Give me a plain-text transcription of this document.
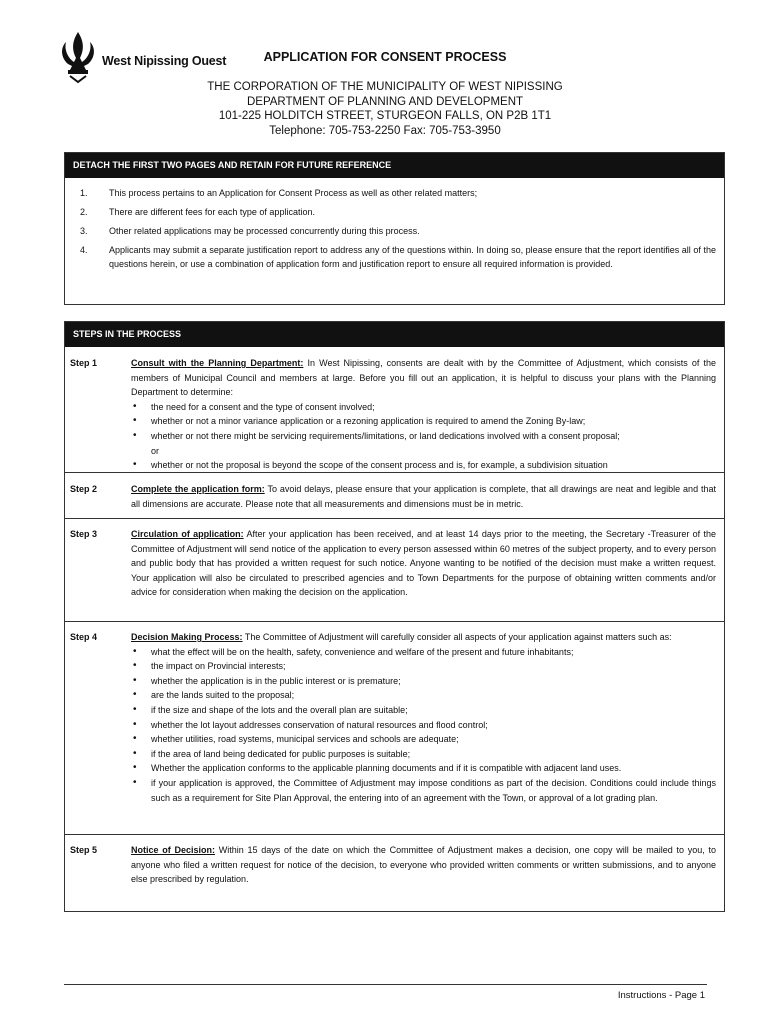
West Nipissing Ouest	APPLICATION FOR CONSENT PROCESS
THE CORPORATION OF THE MUNICIPALITY OF WEST NIPISSING
DEPARTMENT OF PLANNING AND DEVELOPMENT
101-225 HOLDITCH STREET, STURGEON FALLS, ON P2B 1T1
Telephone: 705-753-2250 Fax: 705-753-3950
DETACH THE FIRST TWO PAGES AND RETAIN FOR FUTURE REFERENCE
1.	This process pertains to an Application for Consent Process as well as other related matters;
2.	There are different fees for each type of application.
3.	Other related applications may be processed concurrently during this process.
4.	Applicants may submit a separate justification report to address any of the questions within. In doing so, please ensure that the report identifies all of the questions herein, or use a combination of application form and justification report to ensure all required information is provided.
STEPS IN THE PROCESS
Step 1	Consult with the Planning Department: In West Nipissing, consents are dealt with by the Committee of Adjustment, which consists of the members of Municipal Council and members at large. Before you fill out an application, it is helpful to discuss your plans with the Planning Department to determine:
• the need for a consent and the type of consent involved;
• whether or not a minor variance application or a rezoning application is required to amend the Zoning By-law;
• whether or not there might be servicing requirements/limitations, or land dedications involved with a consent proposal;
or
• whether or not the proposal is beyond the scope of the consent process and is, for example, a subdivision situation
Step 2	Complete the application form: To avoid delays, please ensure that your application is complete, that all drawings are neat and legible and that all dimensions are accurate. Please note that all measurements and dimensions must be in metric.
Step 3	Circulation of application: After your application has been received, and at least 14 days prior to the meeting, the Secretary -Treasurer of the Committee of Adjustment will send notice of the application to every person assessed within 60 metres of the subject property, and to every person and public body that has provided a written request for such notice. Anyone wanting to be notified of the decision must make a written request. Your application will also be circulated to prescribed agencies and to Town Departments for the purpose of obtaining written comments and/or advice for consideration when making the decision on the application.
Step 4	Decision Making Process: The Committee of Adjustment will carefully consider all aspects of your application against matters such as:
• what the effect will be on the health, safety, convenience and welfare of the present and future inhabitants;
• the impact on Provincial interests;
• whether the application is in the public interest or is premature;
• are the lands suited to the proposal;
• if the size and shape of the lots and the overall plan are suitable;
• whether the lot layout addresses conservation of natural resources and flood control;
• whether utilities, road systems, municipal services and schools are adequate;
• if the area of land being dedicated for public purposes is suitable;
• Whether the application conforms to the applicable planning documents and if it is compatible with adjacent land uses.
• if your application is approved, the Committee of Adjustment may impose conditions as part of the decision. Conditions could include things such as a requirement for Site Plan Approval, the entering into of an agreement with the Town, or approval of a lot grading plan.
Step 5	Notice of Decision: Within 15 days of the date on which the Committee of Adjustment makes a decision, one copy will be mailed to you, to anyone who filed a written request for notice of the decision, to everyone who provided written comments or written submissions, and to anyone else prescribed by regulation.
Instructions - Page 1
